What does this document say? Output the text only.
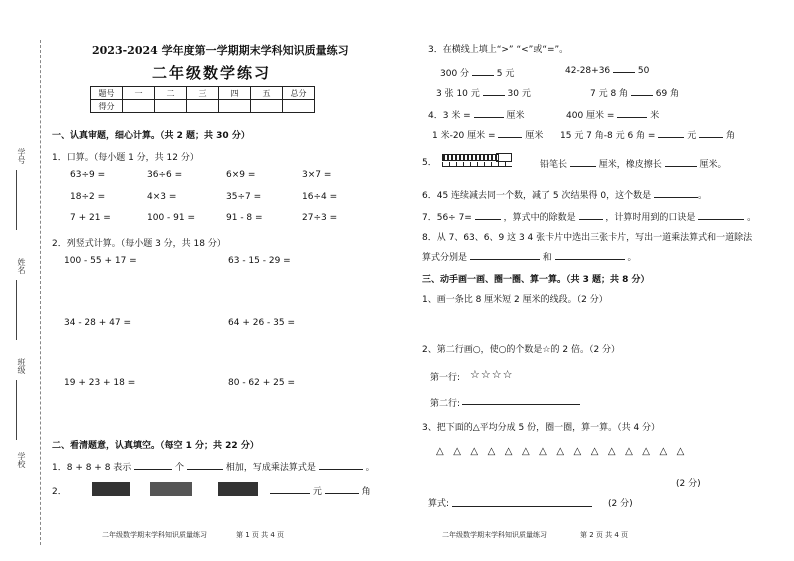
学号
姓名
班级
学校
2023-2024 学年度第一学期期末学科知识质量练习
二年级数学练习
题号	一	二	三	四	五	总分
得分						
一、认真审题，细心计算。（共 2 题；共 30 分）
1．口算。（每小题 1 分，共 12 分）
63÷9 =	36÷6 =	6×9 =	3×7 =
18÷2 =	4×3 =	35÷7 =	16÷4 =
7 + 21 =	100 - 91 =	91 - 8 =	27÷3 =
2．列竖式计算。（每小题 3 分，共 18 分）
100 - 55 + 17 =	63 - 15 - 29 =
34 - 28 + 47 =	64 + 26 - 35 =
19 + 23 + 18 =	80 - 62 + 25 =
二、看清题意，认真填空。（每空 1 分；共 22 分）
1．8 + 8 + 8 表示	个	相加，写成乘法算式是	。
2．	元	角
二年级数学期末学科知识质量练习	第 1 页 共 4 页
3．在横线上填上“>” “<”或“=”。
300 分	5 元	42-28+36	50
3 张 10 元	30 元	7 元 8 角	69 角
4．3 米 =	厘米	400 厘米 =	米
1 米-20 厘米 =	厘米 15 元 7 角-8 元 6 角 =	元	角
5．	铅笔长	厘米，橡皮擦长	厘米。
6．45 连续减去同一个数，减了 5 次结果得 0，这个数是	。
7．56÷ 7=	，算式中的除数是	，计算时用到的口诀是	。
8．从 7、63、6、9 这 3 4 张卡片中选出三张卡片，写出一道乘法算式和一道除法
算式分别是	和	。
三、动手画一画、圈一圈、算一算。（共 3 题；共 8 分）
1、画一条比 8 厘米短 2 厘米的线段。（2 分）
2、第二行画○，使○的个数是☆的 2 倍。（2 分）
第一行: ☆☆☆☆
第二行:
3、把下面的△平均分成 5 份，圈一圈，算一算。（共 4 分）
△△△△△△△△△△△△△△△
(2 分)
算式:	(2 分)
二年级数学期末学科知识质量练习	第 2 页 共 4 页
